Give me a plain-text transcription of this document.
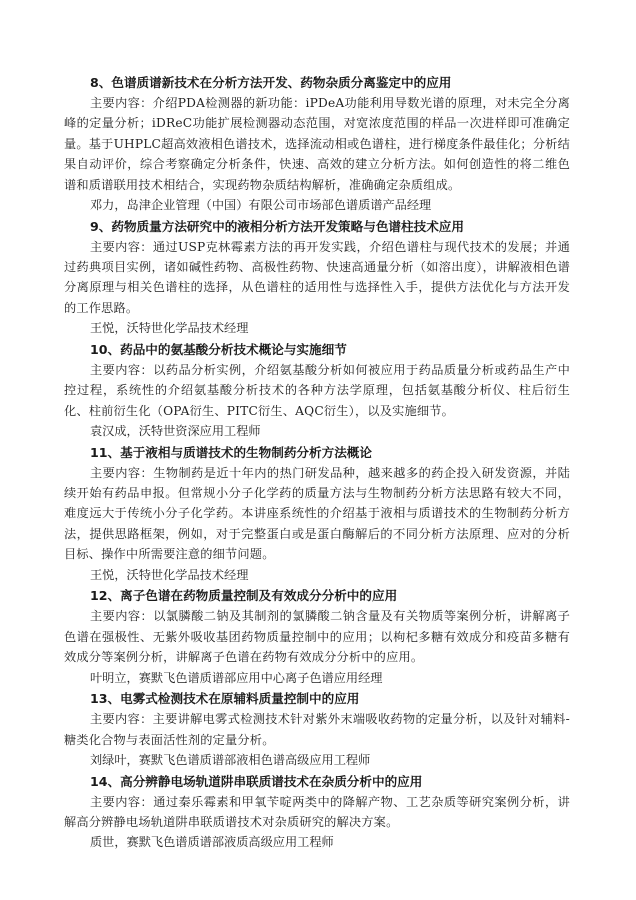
8、色谱质谱新技术在分析方法开发、药物杂质分离鉴定中的应用

主要内容：介绍PDA检测器的新功能：iPDeA功能利用导数光谱的原理，对未完全分离峰的定量分析；iDReC功能扩展检测器动态范围，对宽浓度范围的样品一次进样即可准确定量。基于UHPLC超高效液相色谱技术，选择流动相或色谱柱，进行梯度条件最佳化；分析结果自动评价，综合考察确定分析条件，快速、高效的建立分析方法。如何创造性的将二维色谱和质谱联用技术相结合，实现药物杂质结构解析，准确确定杂质组成。

邓力，岛津企业管理（中国）有限公司市场部色谱质谱产品经理

9、药物质量方法研究中的液相分析方法开发策略与色谱柱技术应用

主要内容：通过USP克林霉素方法的再开发实践，介绍色谱柱与现代技术的发展；并通过药典项目实例，诸如碱性药物、高极性药物、快速高通量分析（如溶出度），讲解液相色谱分离原理与相关色谱柱的选择，从色谱柱的适用性与选择性入手，提供方法优化与方法开发的工作思路。

王悦，沃特世化学品技术经理

10、药品中的氨基酸分析技术概论与实施细节

主要内容：以药品分析实例，介绍氨基酸分析如何被应用于药品质量分析或药品生产中控过程，系统性的介绍氨基酸分析技术的各种方法学原理，包括氨基酸分析仪、柱后衍生化、柱前衍生化（OPA衍生、PITC衍生、AQC衍生），以及实施细节。

袁汉成，沃特世资深应用工程师

11、基于液相与质谱技术的生物制药分析方法概论

主要内容：生物制药是近十年内的热门研发品种，越来越多的药企投入研发资源，并陆续开始有药品申报。但常规小分子化学药的质量方法与生物制药分析方法思路有较大不同，难度远大于传统小分子化学药。本讲座系统性的介绍基于液相与质谱技术的生物制药分析方法，提供思路框架，例如，对于完整蛋白或是蛋白酶解后的不同分析方法原理、应对的分析目标、操作中所需要注意的细节问题。

王悦，沃特世化学品技术经理

12、离子色谱在药物质量控制及有效成分分析中的应用

主要内容：以氯膦酸二钠及其制剂的氯膦酸二钠含量及有关物质等案例分析，讲解离子色谱在强极性、无紫外吸收基团药物质量控制中的应用；以枸杞多糖有效成分和疫苗多糖有效成分等案例分析，讲解离子色谱在药物有效成分分析中的应用。

叶明立，赛默飞色谱质谱部应用中心离子色谱应用经理

13、电雾式检测技术在原辅料质量控制中的应用

主要内容：主要讲解电雾式检测技术针对紫外末端吸收药物的定量分析，以及针对辅料-糖类化合物与表面活性剂的定量分析。

刘绿叶，赛默飞色谱质谱部液相色谱高级应用工程师

14、高分辨静电场轨道阱串联质谱技术在杂质分析中的应用

主要内容：通过秦乐霉素和甲氧苄啶两类中的降解产物、工艺杂质等研究案例分析，讲解高分辨静电场轨道阱串联质谱技术对杂质研究的解决方案。

质世，赛默飞色谱质谱部液质高级应用工程师
